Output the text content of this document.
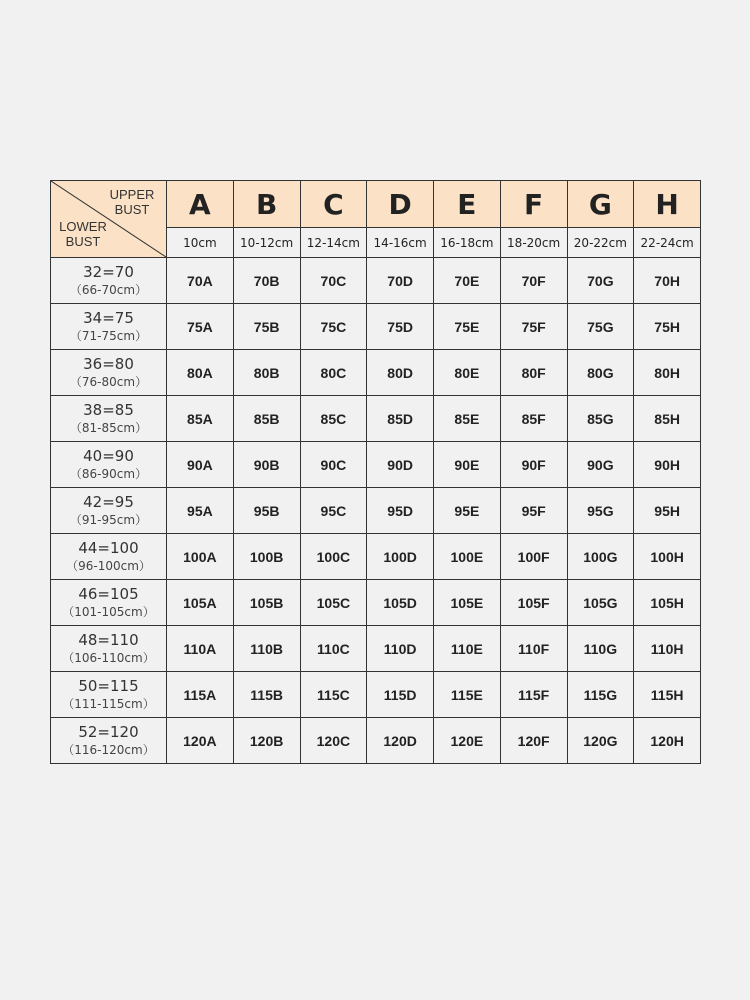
UPPER BUST
LOWER BUST	A	B	C	D	E	F	G	H
	10cm	10-12cm	12-14cm	14-16cm	16-18cm	18-20cm	20-22cm	22-24cm

32=70
（66-70cm）	70A	70B	70C	70D	70E	70F	70G	70H

34=75
（71-75cm）	75A	75B	75C	75D	75E	75F	75G	75H

36=80
（76-80cm）	80A	80B	80C	80D	80E	80F	80G	80H

38=85
（81-85cm）	85A	85B	85C	85D	85E	85F	85G	85H

40=90
（86-90cm）	90A	90B	90C	90D	90E	90F	90G	90H

42=95
（91-95cm）	95A	95B	95C	95D	95E	95F	95G	95H

44=100
（96-100cm）	100A	100B	100C	100D	100E	100F	100G	100H

46=105
（101-105cm）	105A	105B	105C	105D	105E	105F	105G	105H

48=110
（106-110cm）	110A	110B	110C	110D	110E	110F	110G	110H

50=115
（111-115cm）	115A	115B	115C	115D	115E	115F	115G	115H

52=120
（116-120cm）	120A	120B	120C	120D	120E	120F	120G	120H
